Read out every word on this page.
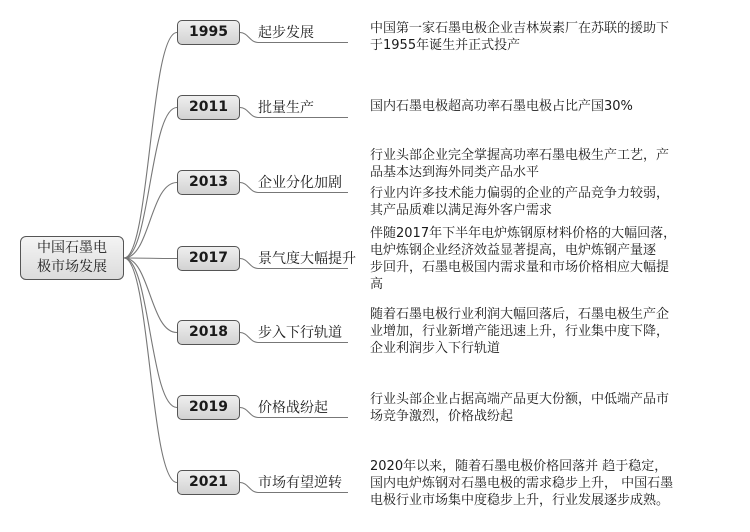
中国石墨电
极市场发展
1995	起步发展	中国第一家石墨电极企业吉林炭素厂在苏联的援助下
于1955年诞生并正式投产
2011	批量生产	国内石墨电极超高功率石墨电极占比产国30%
2013	企业分化加剧
行业头部企业完全掌握高功率石墨电极生产工艺，产
品基本达到海外同类产品水平
行业内许多技术能力偏弱的企业的产品竞争力较弱，
其产品质难以满足海外客户需求
2017	景气度大幅提升
伴随2017年下半年电炉炼钢原材料价格的大幅回落，
电炉炼钢企业经济效益显著提高，电炉炼钢产量逐
步回升，石墨电极国内需求量和市场价格相应大幅提
高
2018	步入下行轨道
随着石墨电极行业利润大幅回落后，石墨电极生产企
业增加，行业新增产能迅速上升，行业集中度下降，
企业利润步入下行轨道
2019	价格战纷起
行业头部企业占据高端产品更大份额，中低端产品市
场竞争激烈，价格战纷起
2021	市场有望逆转
2020年以来，随着石墨电极价格回落并 趋于稳定，
国内电炉炼钢对石墨电极的需求稳步上升， 中国石墨
电极行业市场集中度稳步上升，行业发展逐步成熟。
